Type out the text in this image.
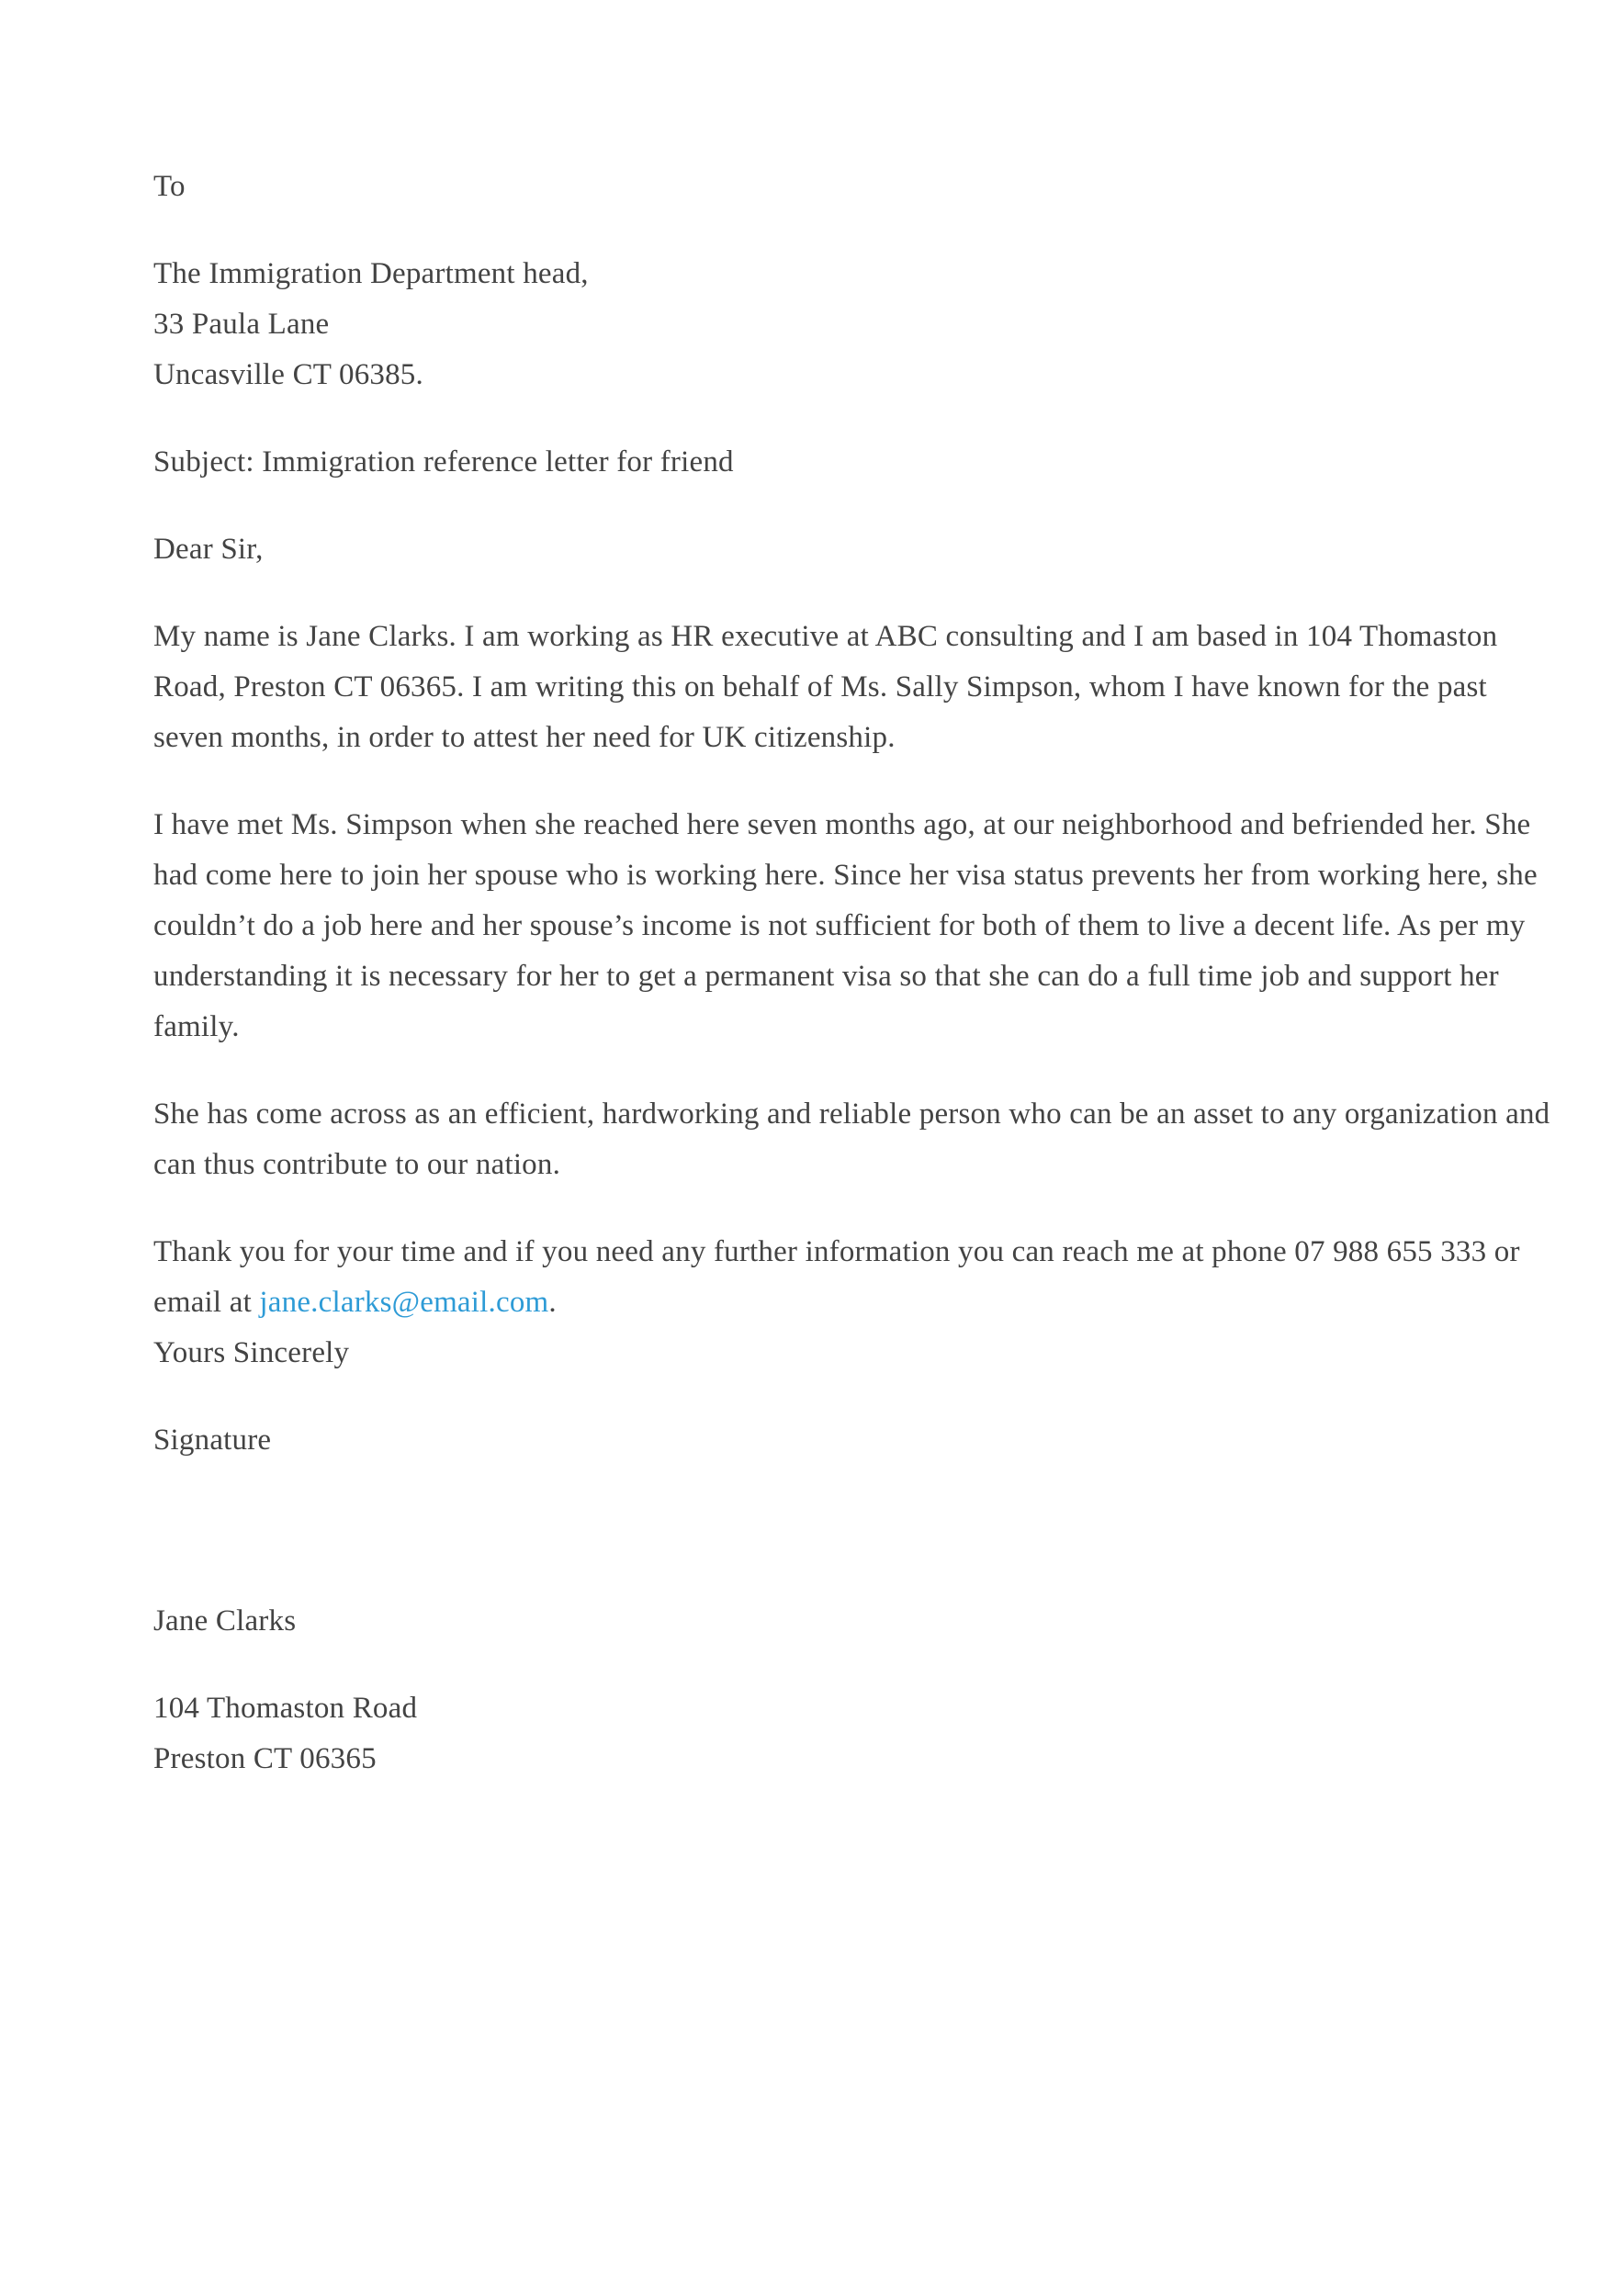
To
The Immigration Department head,
33 Paula Lane
Uncasville CT 06385.
Subject: Immigration reference letter for friend
Dear Sir,
My name is Jane Clarks. I am working as HR executive at ABC consulting and I am based in 104 Thomaston
Road, Preston CT 06365. I am writing this on behalf of Ms. Sally Simpson, whom I have known for the past
seven months, in order to attest her need for UK citizenship.
I have met Ms. Simpson when she reached here seven months ago, at our neighborhood and befriended her. She
had come here to join her spouse who is working here. Since her visa status prevents her from working here, she
couldn’t do a job here and her spouse’s income is not sufficient for both of them to live a decent life. As per my
understanding it is necessary for her to get a permanent visa so that she can do a full time job and support her
family.
She has come across as an efficient, hardworking and reliable person who can be an asset to any organization and
can thus contribute to our nation.
Thank you for your time and if you need any further information you can reach me at phone 07 988 655 333 or
email at jane.clarks@email.com.
Yours Sincerely
Signature
Jane Clarks
104 Thomaston Road
Preston CT 06365
